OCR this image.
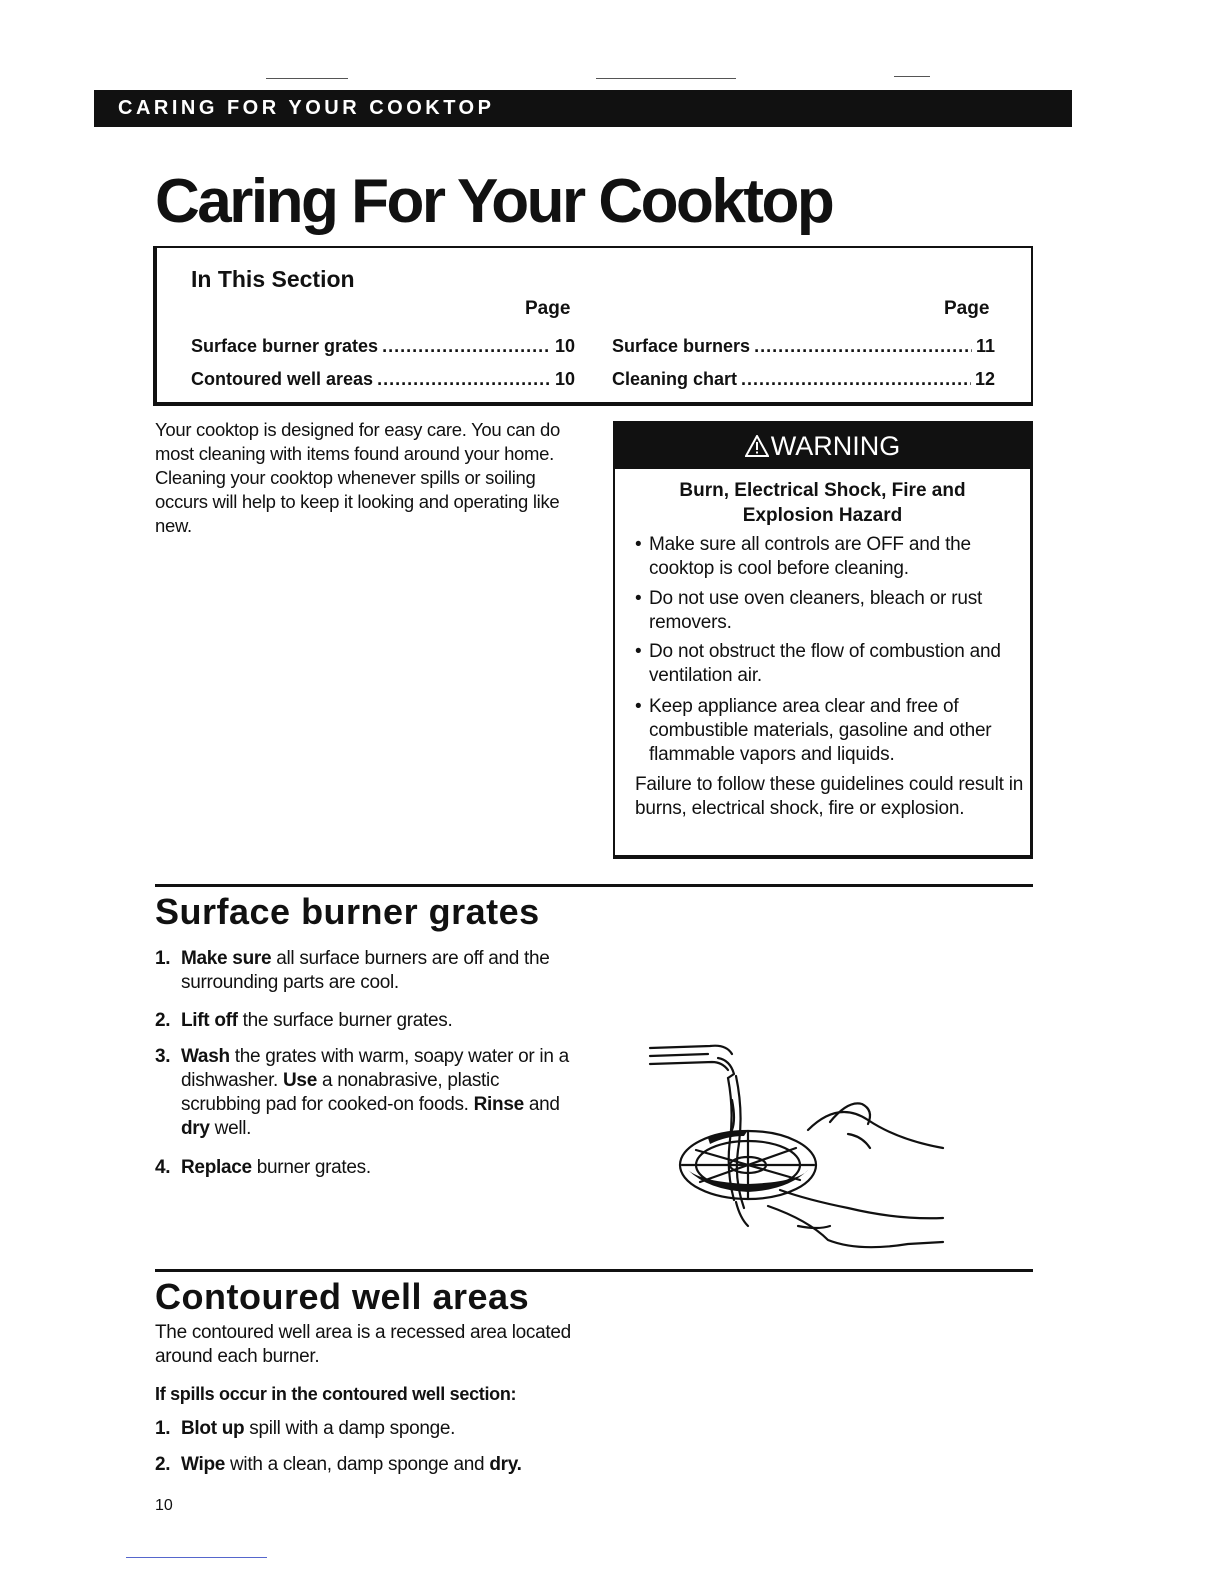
CARING FOR YOUR COOKTOP
Caring For Your Cooktop
In This Section
Page	Page
Surface burner grates .....	10
Contoured well areas .....	10
Surface burners .....	11
Cleaning chart .....	12
Your cooktop is designed for easy care. You can do most cleaning with items found around your home. Cleaning your cooktop whenever spills or soiling occurs will help to keep it looking and operating like new.
WARNING
Burn, Electrical Shock, Fire and
Explosion Hazard
• Make sure all controls are OFF and the cooktop is cool before cleaning.
• Do not use oven cleaners, bleach or rust removers.
• Do not obstruct the flow of combustion and ventilation air.
• Keep appliance area clear and free of combustible materials, gasoline and other flammable vapors and liquids.
Failure to follow these guidelines could result in burns, electrical shock, fire or explosion.
Surface burner grates
1. Make sure all surface burners are off and the surrounding parts are cool.
2. Lift off the surface burner grates.
3. Wash the grates with warm, soapy water or in a dishwasher. Use a nonabrasive, plastic scrubbing pad for cooked-on foods. Rinse and dry well.
4. Replace burner grates.
Contoured well areas
The contoured well area is a recessed area located around each burner.
If spills occur in the contoured well section:
1. Blot up spill with a damp sponge.
2. Wipe with a clean, damp sponge and dry.
10
